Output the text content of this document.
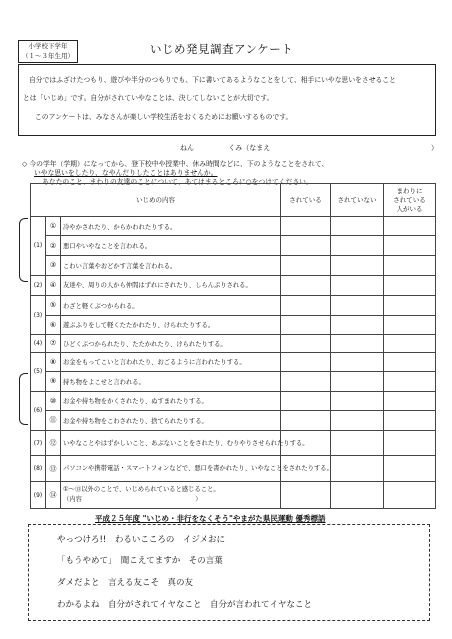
小学校下学年
（１～３年生用）	いじめ発見調査アンケート

自分ではふざけたつもり、遊びや半分のつもりでも、下に書いてあるようなことをして、相手にいやな思いをさせること

とは「いじめ」です。自分がされていやなことは、決してしないことが大切です。

このアンケートは、みなさんが楽しい学校生活をおくるためにお願いするものです。

ねん	くみ（なまえ	）
◇ 今の学年（学期）になってから、登下校中や授業中、休み時間などに、下のようなことをされて、
いやな思いをしたり、なやんだりしたことはありませんか。
あなたのこと、まわりの友達のことについて、あてはまるところに○をつけてください。
いじめの内容			されている	されていない	まわりに
されている
人がいる

(1)	①	冷やかされたり、からかわれたりする。			
	②	悪口やいやなことを言われる。			
	③	こわい言葉やおどかす言葉を言われる。			
(2)	④	友達や、周りの人から仲間はずれにされたり、しらんぷりされる。			
(3)	⑤	わざと軽くぶつかられる。			
	⑥	遊ぶふりをして軽くたたかれたり、けられたりする。			
(4)	⑦	ひどくぶつかられたり、たたかれたり、けられたりする。			
(5)	⑧	お金をもってこいと言われたり、おごるように言われたりする。			
	⑨	持ち物をよこせと言われる。			
(6)	⑩	お金や持ち物をかくされたり、ぬすまれたりする。			
	⑪	お金や持ち物をこわされたり、捨てられたりする。			
(7)	⑫	いやなことやはずかしいこと、あぶないことをされたり、むりやりさせられたりする。			
(8)	⑬	パソコンや携帯電話・スマートフォンなどで、悪口を書かれたり、いやなことをされたりする。			
(9)	⑭	①～⑬以外のことで、いじめられていると感じること。
（内容　　　　　　　　　　　　　　　　　　）			

平成２５年度 "いじめ・非行をなくそう"やまがた県民運動 優秀標語

やっつけろ!!　わるいこころの　イジメおに

「もうやめて」　聞こえてますか　その言葉

ダメだよと　言える友こそ　真の友

わかるよね　自分がされてイヤなこと　自分が言われてイヤなこと
